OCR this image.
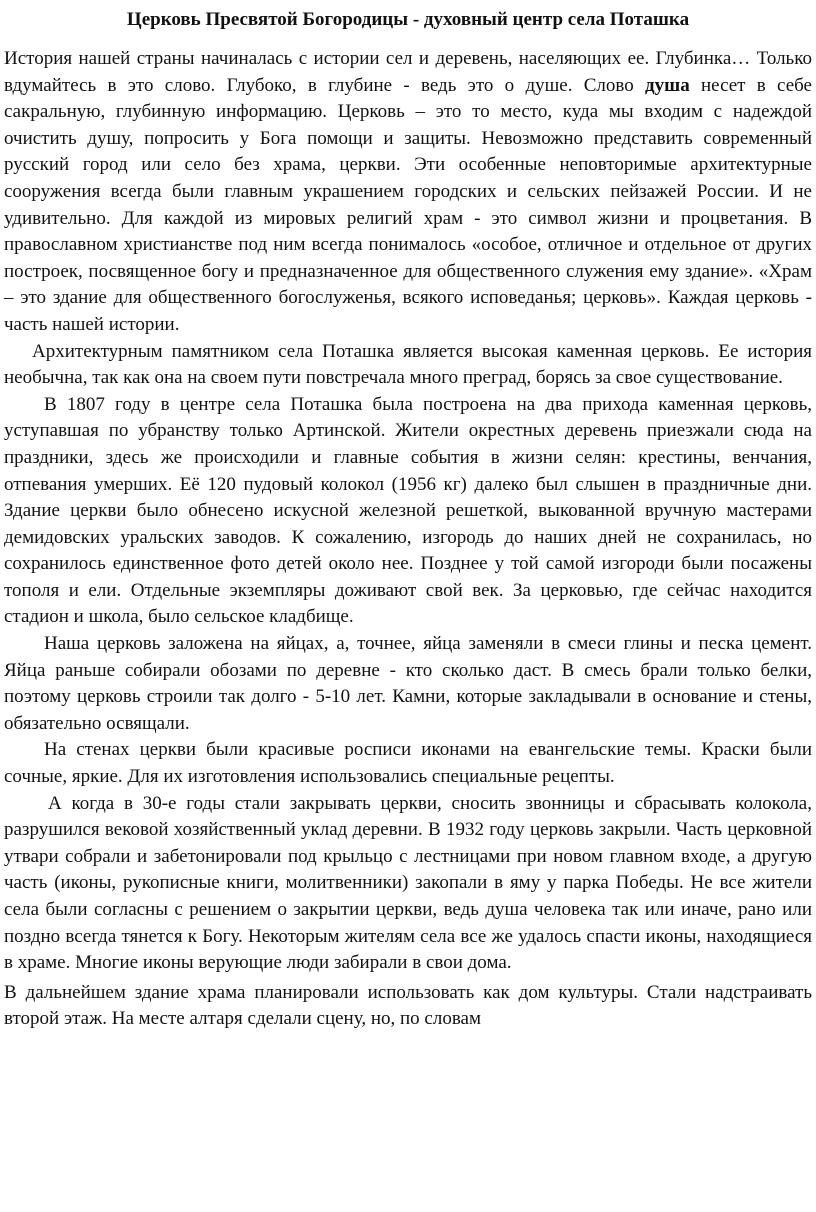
Церковь Пресвятой Богородицы - духовный центр села Поташка

История нашей страны начиналась с истории сел и деревень, населяющих ее. Глубинка… Только вдумайтесь в это слово. Глубоко, в глубине - ведь это о душе. Слово душа несет в себе сакральную, глубинную информацию. Церковь – это то место, куда мы входим с надеждой очистить душу, попросить у Бога помощи и защиты. Невозможно представить современный русский город или село без храма, церкви. Эти особенные неповторимые архитектурные сооружения всегда были главным украшением городских и сельских пейзажей России. И не удивительно. Для каждой из мировых религий храм - это символ жизни и процветания. В православном христианстве под ним всегда понималось «особое, отличное и отдельное от других построек, посвященное богу и предназначенное для общественного служения ему здание». «Храм – это здание для общественного богослуженья, всякого исповеданья; церковь». Каждая церковь - часть нашей истории.

Архитектурным памятником села Поташка является высокая каменная церковь. Ее история необычна, так как она на своем пути повстречала много преград, борясь за свое существование.

В 1807 году в центре села Поташка была построена на два прихода каменная церковь, уступавшая по убранству только Артинской. Жители окрестных деревень приезжали сюда на праздники, здесь же происходили и главные события в жизни селян: крестины, венчания, отпевания умерших. Её 120 пудовый колокол (1956 кг) далеко был слышен в праздничные дни. Здание церкви было обнесено искусной железной решеткой, выкованной вручную мастерами демидовских уральских заводов. К сожалению, изгородь до наших дней не сохранилась, но сохранилось единственное фото детей около нее. Позднее у той самой изгороди были посажены тополя и ели. Отдельные экземпляры доживают свой век. За церковью, где сейчас находится стадион и школа, было сельское кладбище.

Наша церковь заложена на яйцах, а, точнее, яйца заменяли в смеси глины и песка цемент. Яйца раньше собирали обозами по деревне - кто сколько даст. В смесь брали только белки, поэтому церковь строили так долго - 5-10 лет. Камни, которые закладывали в основание и стены, обязательно освящали.

На стенах церкви были красивые росписи иконами на евангельские темы. Краски были сочные, яркие. Для их изготовления использовались специальные рецепты.

А когда в 30-е годы стали закрывать церкви, сносить звонницы и сбрасывать колокола, разрушился вековой хозяйственный уклад деревни. В 1932 году церковь закрыли. Часть церковной утвари собрали и забетонировали под крыльцо с лестницами при новом главном входе, а другую часть (иконы, рукописные книги, молитвенники) закопали в яму у парка Победы. Не все жители села были согласны с решением о закрытии церкви, ведь душа человека так или иначе, рано или поздно всегда тянется к Богу. Некоторым жителям села все же удалось спасти иконы, находящиеся в храме. Многие иконы верующие люди забирали в свои дома.

В дальнейшем здание храма планировали использовать как дом культуры. Стали надстраивать второй этаж. На месте алтаря сделали сцену, но, по словам
